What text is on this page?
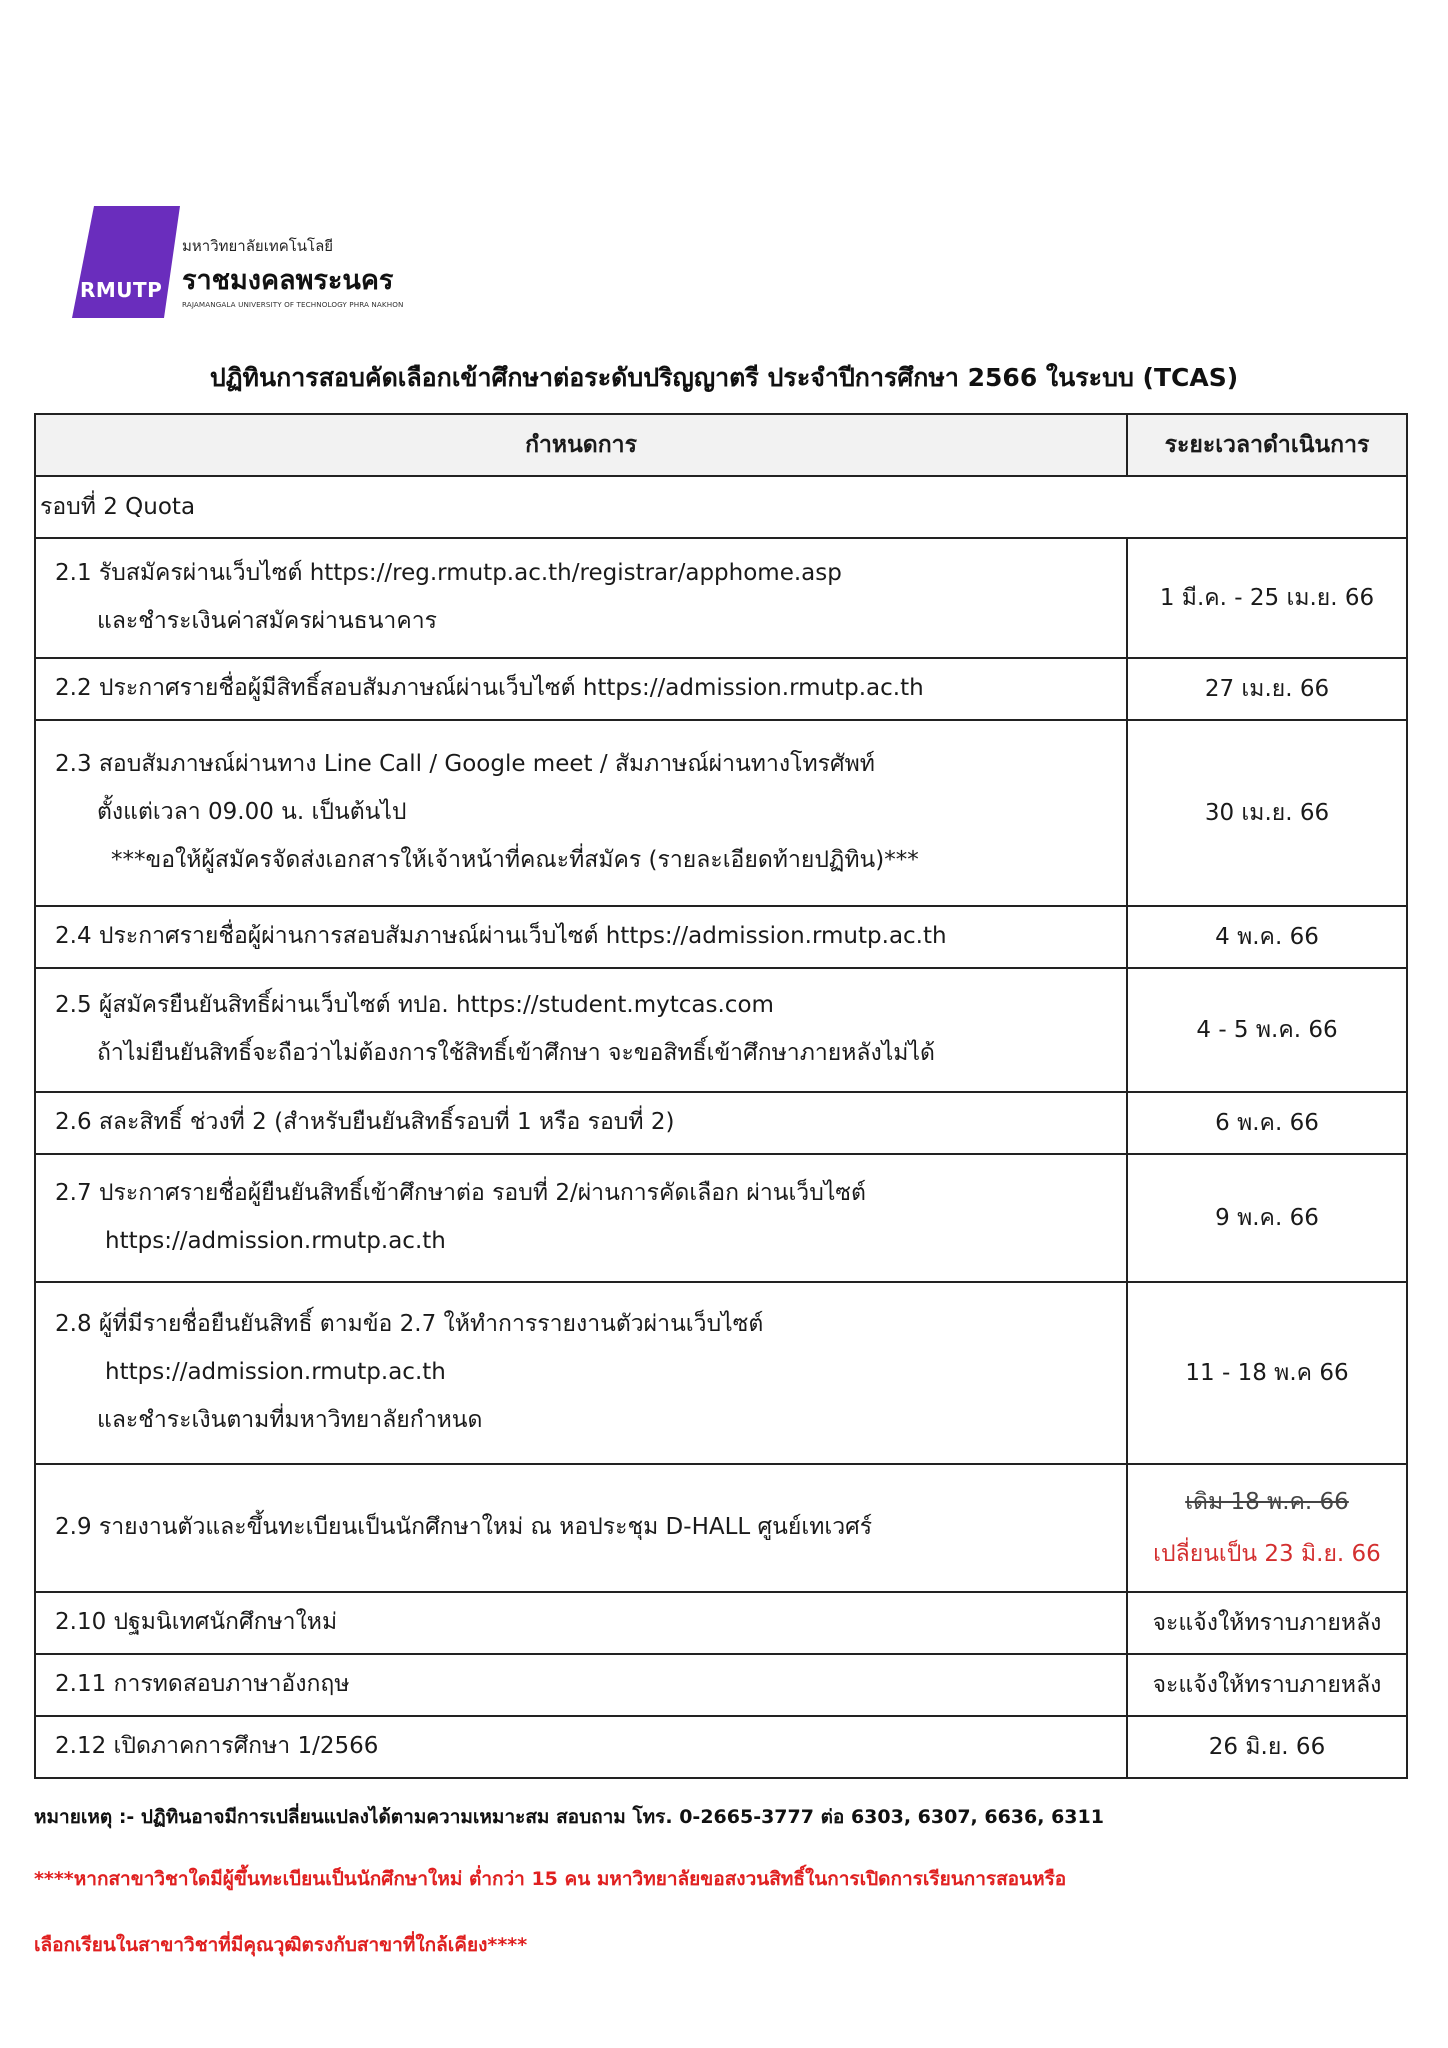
RMUTP
มหาวิทยาลัยเทคโนโลยี
ราชมงคลพระนคร
RAJAMANGALA UNIVERSITY OF TECHNOLOGY PHRA NAKHON
ปฏิทินการสอบคัดเลือกเข้าศึกษาต่อระดับปริญญาตรี ประจำปีการศึกษา 2566 ในระบบ (TCAS)
กำหนดการ	ระยะเวลาดำเนินการ
รอบที่ 2 Quota	

2.1 รับสมัครผ่านเว็บไซต์ https://reg.rmutp.ac.th/registrar/apphome.asp
และชำระเงินค่าสมัครผ่านธนาคาร	1 มี.ค. - 25 เม.ย. 66

2.2 ประกาศรายชื่อผู้มีสิทธิ์สอบสัมภาษณ์ผ่านเว็บไซต์ https://admission.rmutp.ac.th	27 เม.ย. 66

2.3 สอบสัมภาษณ์ผ่านทาง Line Call / Google meet / สัมภาษณ์ผ่านทางโทรศัพท์
ตั้งแต่เวลา 09.00 น. เป็นต้นไป
***ขอให้ผู้สมัครจัดส่งเอกสารให้เจ้าหน้าที่คณะที่สมัคร (รายละเอียดท้ายปฏิทิน)***	30 เม.ย. 66

2.4 ประกาศรายชื่อผู้ผ่านการสอบสัมภาษณ์ผ่านเว็บไซต์ https://admission.rmutp.ac.th	4 พ.ค. 66

2.5 ผู้สมัครยืนยันสิทธิ์ผ่านเว็บไซต์ ทปอ. https://student.mytcas.com
ถ้าไม่ยืนยันสิทธิ์จะถือว่าไม่ต้องการใช้สิทธิ์เข้าศึกษา จะขอสิทธิ์เข้าศึกษาภายหลังไม่ได้	4 - 5 พ.ค. 66

2.6 สละสิทธิ์ ช่วงที่ 2 (สำหรับยืนยันสิทธิ์รอบที่ 1 หรือ รอบที่ 2)	6 พ.ค. 66

2.7 ประกาศรายชื่อผู้ยืนยันสิทธิ์เข้าศึกษาต่อ รอบที่ 2/ผ่านการคัดเลือก ผ่านเว็บไซต์
https://admission.rmutp.ac.th	9 พ.ค. 66

2.8 ผู้ที่มีรายชื่อยืนยันสิทธิ์ ตามข้อ 2.7 ให้ทำการรายงานตัวผ่านเว็บไซต์
https://admission.rmutp.ac.th
และชำระเงินตามที่มหาวิทยาลัยกำหนด	11 - 18 พ.ค 66

2.9 รายงานตัวและขึ้นทะเบียนเป็นนักศึกษาใหม่ ณ หอประชุม D-HALL ศูนย์เทเวศร์	เดิม 18 พ.ค. 66
เปลี่ยนเป็น 23 มิ.ย. 66

2.10 ปฐมนิเทศนักศึกษาใหม่	จะแจ้งให้ทราบภายหลัง

2.11 การทดสอบภาษาอังกฤษ	จะแจ้งให้ทราบภายหลัง

2.12 เปิดภาคการศึกษา 1/2566	26 มิ.ย. 66
หมายเหตุ :- ปฏิทินอาจมีการเปลี่ยนแปลงได้ตามความเหมาะสม สอบถาม โทร. 0-2665-3777 ต่อ 6303, 6307, 6636, 6311
****หากสาขาวิชาใดมีผู้ขึ้นทะเบียนเป็นนักศึกษาใหม่ ต่ำกว่า 15 คน มหาวิทยาลัยขอสงวนสิทธิ์ในการเปิดการเรียนการสอนหรือ
เลือกเรียนในสาขาวิชาที่มีคุณวุฒิตรงกับสาขาที่ใกล้เคียง****
